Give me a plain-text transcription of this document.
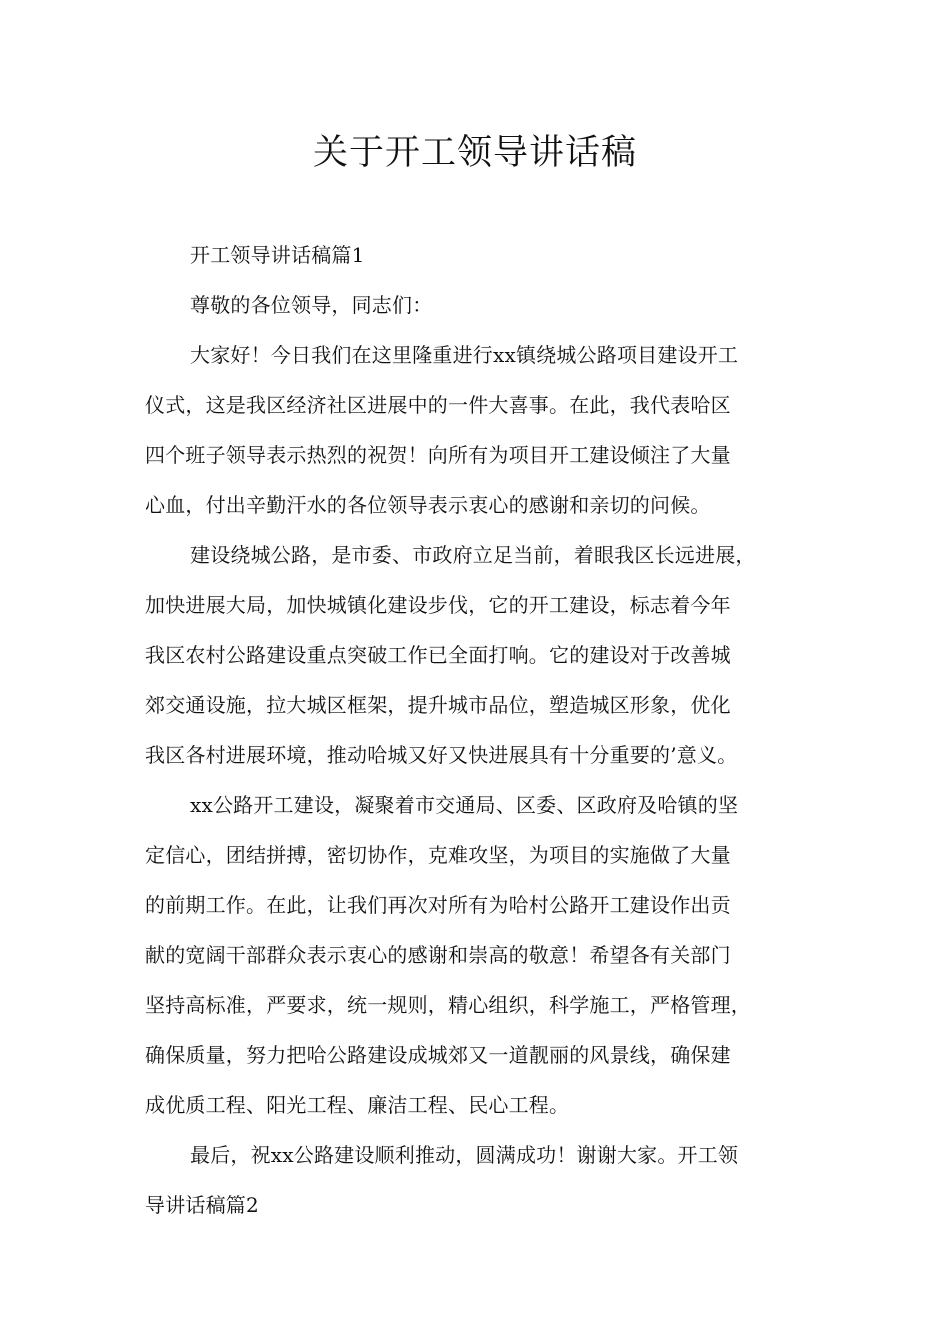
关于开工领导讲话稿
开工领导讲话稿篇1
尊敬的各位领导，同志们：
大家好！今日我们在这里隆重进行xx镇绕城公路项目建设开工
仪式，这是我区经济社区进展中的一件大喜事。在此，我代表哈区
四个班子领导表示热烈的祝贺！向所有为项目开工建设倾注了大量
心血，付出辛勤汗水的各位领导表示衷心的感谢和亲切的问候。
建设绕城公路，是市委、市政府立足当前，着眼我区长远进展，
加快进展大局，加快城镇化建设步伐，它的开工建设，标志着今年
我区农村公路建设重点突破工作已全面打响。它的建设对于改善城
郊交通设施，拉大城区框架，提升城市品位，塑造城区形象，优化
我区各村进展环境，推动哈城又好又快进展具有十分重要的’意义。
xx公路开工建设，凝聚着市交通局、区委、区政府及哈镇的坚
定信心，团结拼搏，密切协作，克难攻坚，为项目的实施做了大量
的前期工作。在此，让我们再次对所有为哈村公路开工建设作出贡
献的宽阔干部群众表示衷心的感谢和崇高的敬意！希望各有关部门
坚持高标准，严要求，统一规则，精心组织，科学施工，严格管理，
确保质量，努力把哈公路建设成城郊又一道靓丽的风景线，确保建
成优质工程、阳光工程、廉洁工程、民心工程。
最后，祝xx公路建设顺利推动，圆满成功！谢谢大家。开工领
导讲话稿篇2
